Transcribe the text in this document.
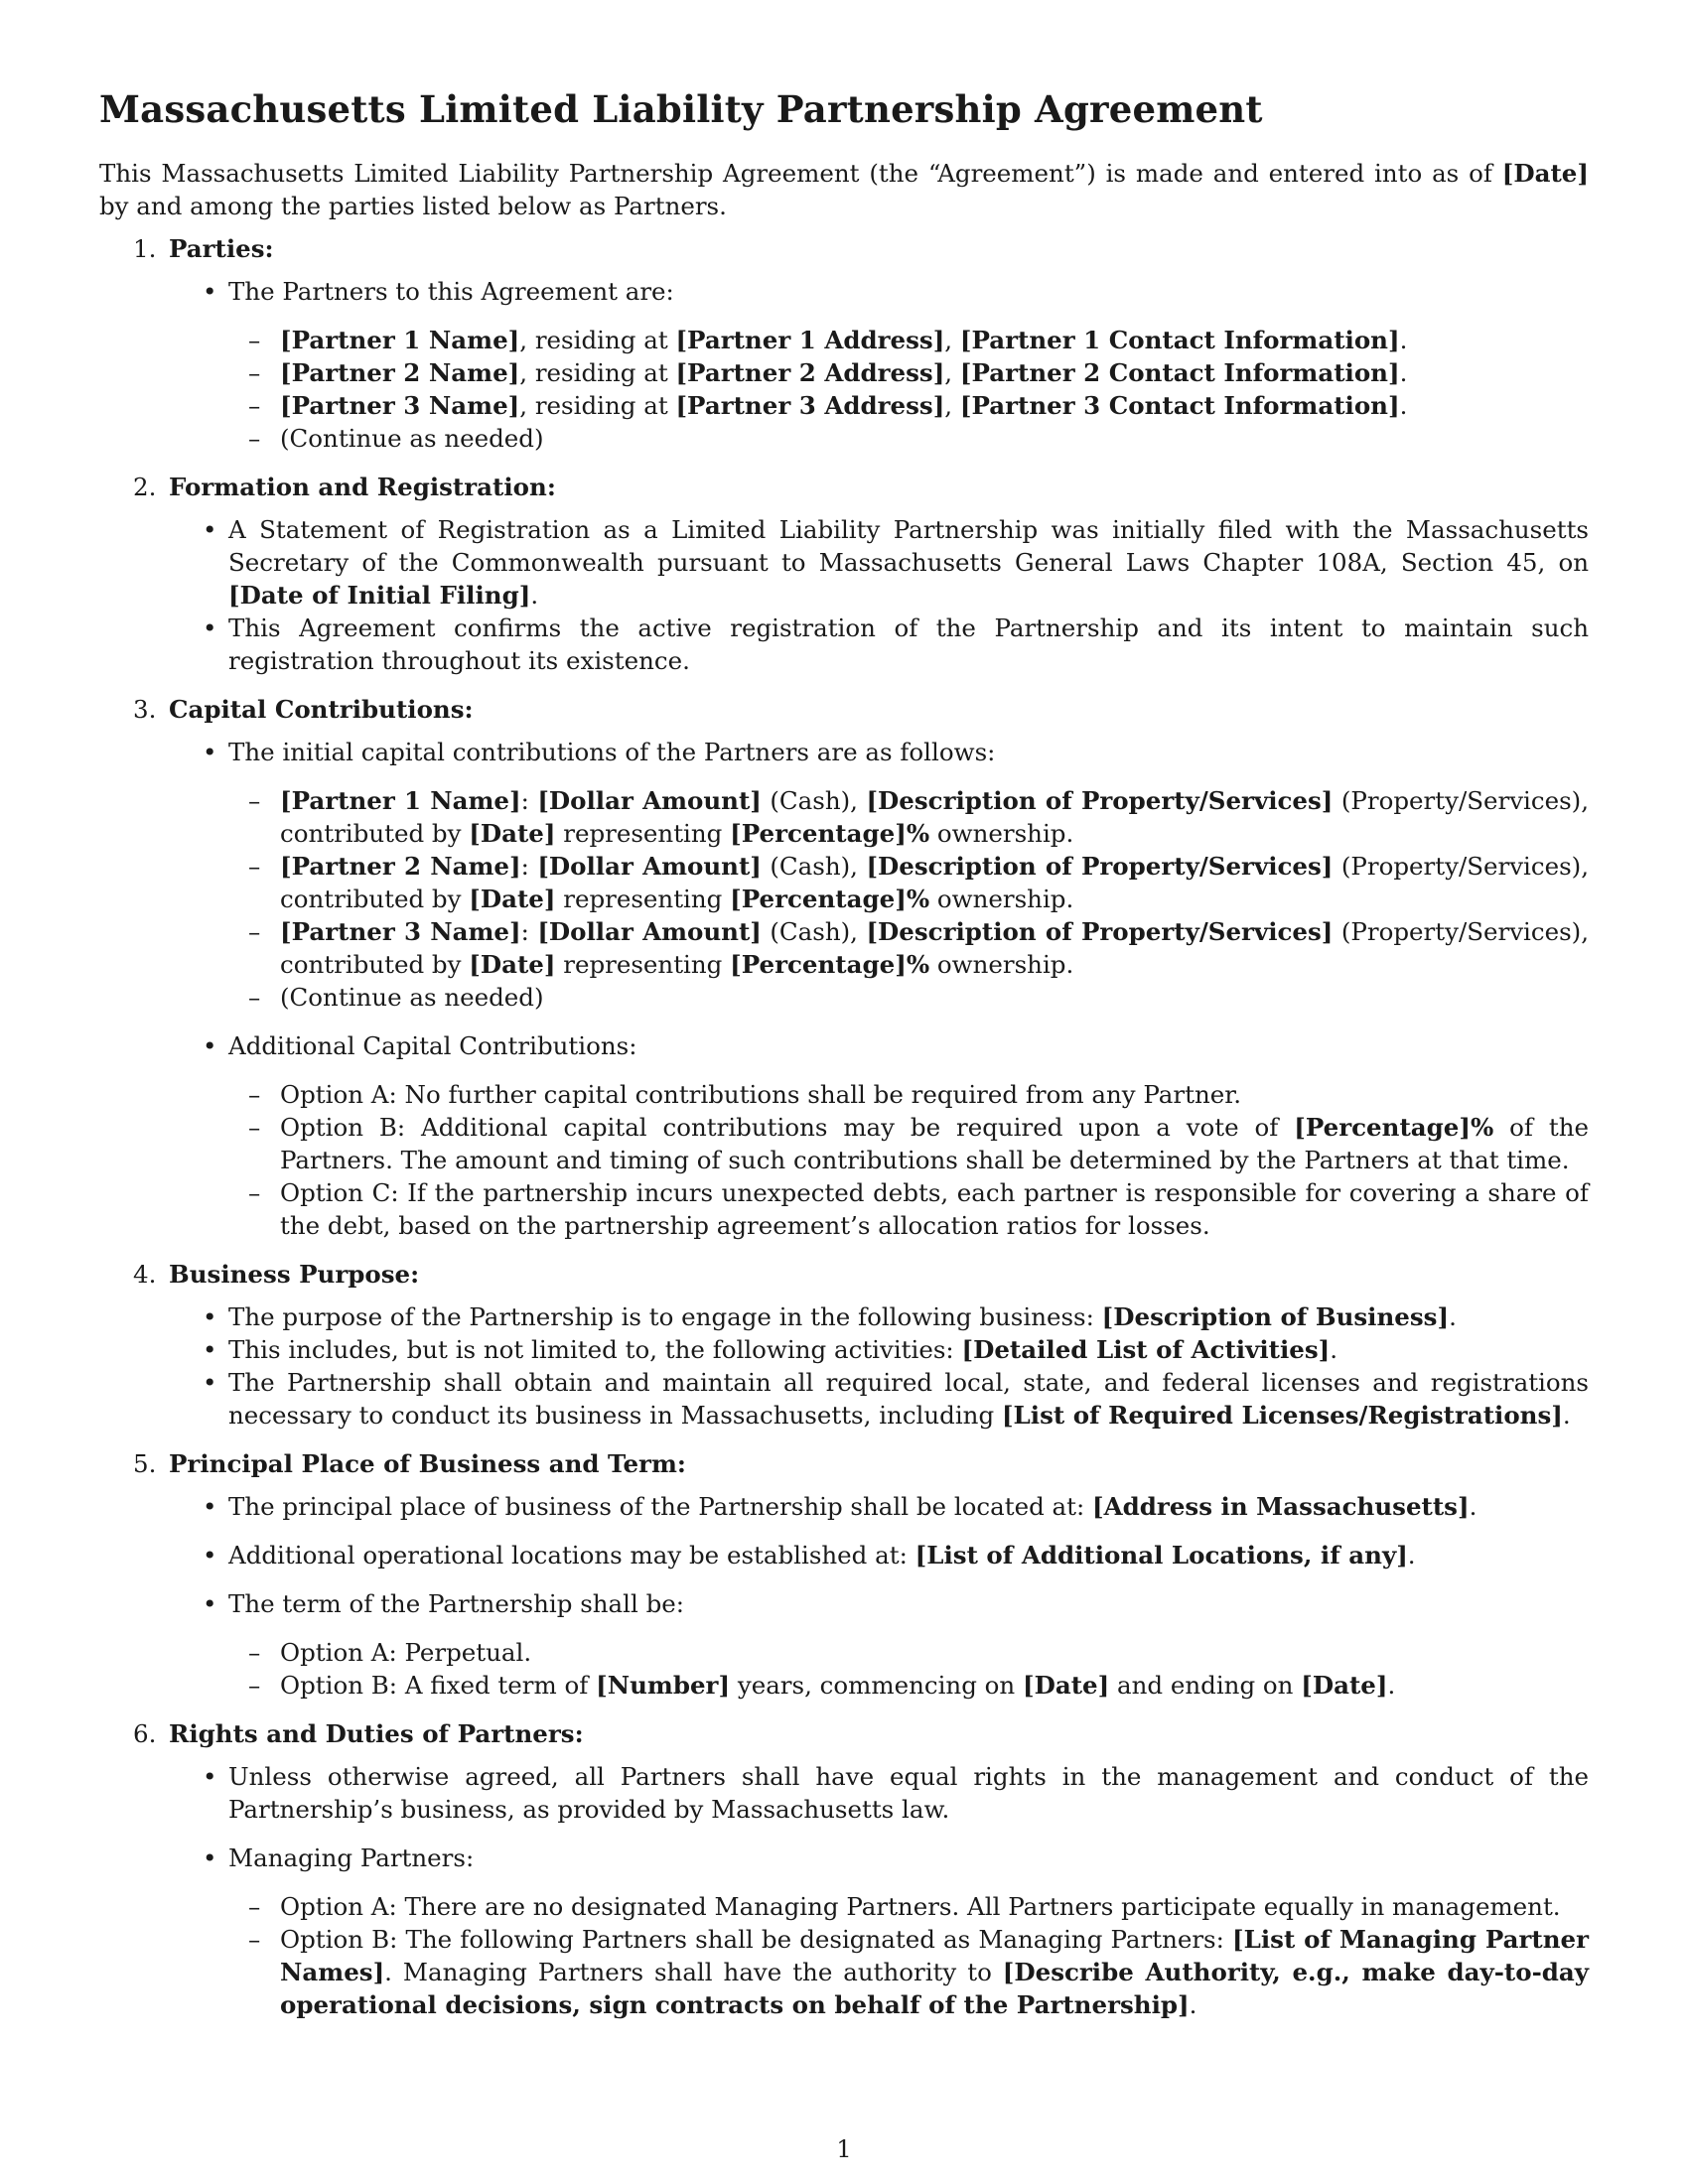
Massachusetts Limited Liability Partnership Agreement

This Massachusetts Limited Liability Partnership Agreement (the “Agreement”) is made and entered into as of [Date] by and among the parties listed below as Partners.

1. Parties:
• The Partners to this Agreement are:
– [Partner 1 Name], residing at [Partner 1 Address], [Partner 1 Contact Information].
– [Partner 2 Name], residing at [Partner 2 Address], [Partner 2 Contact Information].
– [Partner 3 Name], residing at [Partner 3 Address], [Partner 3 Contact Information].
– (Continue as needed)
2. Formation and Registration:
• A Statement of Registration as a Limited Liability Partnership was initially filed with the Massachusetts Secretary of the Commonwealth pursuant to Massachusetts General Laws Chapter 108A, Section 45, on [Date of Initial Filing].
• This Agreement confirms the active registration of the Partnership and its intent to maintain such registration throughout its existence.
3. Capital Contributions:
• The initial capital contributions of the Partners are as follows:
– [Partner 1 Name]: [Dollar Amount] (Cash), [Description of Property/Services] (Property/Services), contributed by [Date] representing [Percentage]% ownership.
– [Partner 2 Name]: [Dollar Amount] (Cash), [Description of Property/Services] (Property/Services), contributed by [Date] representing [Percentage]% ownership.
– [Partner 3 Name]: [Dollar Amount] (Cash), [Description of Property/Services] (Property/Services), contributed by [Date] representing [Percentage]% ownership.
– (Continue as needed)
• Additional Capital Contributions:
– Option A: No further capital contributions shall be required from any Partner.
– Option B: Additional capital contributions may be required upon a vote of [Percentage]% of the Partners. The amount and timing of such contributions shall be determined by the Partners at that time.
– Option C: If the partnership incurs unexpected debts, each partner is responsible for covering a share of the debt, based on the partnership agreement’s allocation ratios for losses.
4. Business Purpose:
• The purpose of the Partnership is to engage in the following business: [Description of Business].
• This includes, but is not limited to, the following activities: [Detailed List of Activities].
• The Partnership shall obtain and maintain all required local, state, and federal licenses and registrations necessary to conduct its business in Massachusetts, including [List of Required Licenses/Registrations].
5. Principal Place of Business and Term:
• The principal place of business of the Partnership shall be located at: [Address in Massachusetts].
• Additional operational locations may be established at: [List of Additional Locations, if any].
• The term of the Partnership shall be:
– Option A: Perpetual.
– Option B: A fixed term of [Number] years, commencing on [Date] and ending on [Date].
6. Rights and Duties of Partners:
• Unless otherwise agreed, all Partners shall have equal rights in the management and conduct of the Partnership’s business, as provided by Massachusetts law.
• Managing Partners:
– Option A: There are no designated Managing Partners. All Partners participate equally in management.
– Option B: The following Partners shall be designated as Managing Partners: [List of Managing Partner Names]. Managing Partners shall have the authority to [Describe Authority, e.g., make day-to-day operational decisions, sign contracts on behalf of the Partnership].
1
